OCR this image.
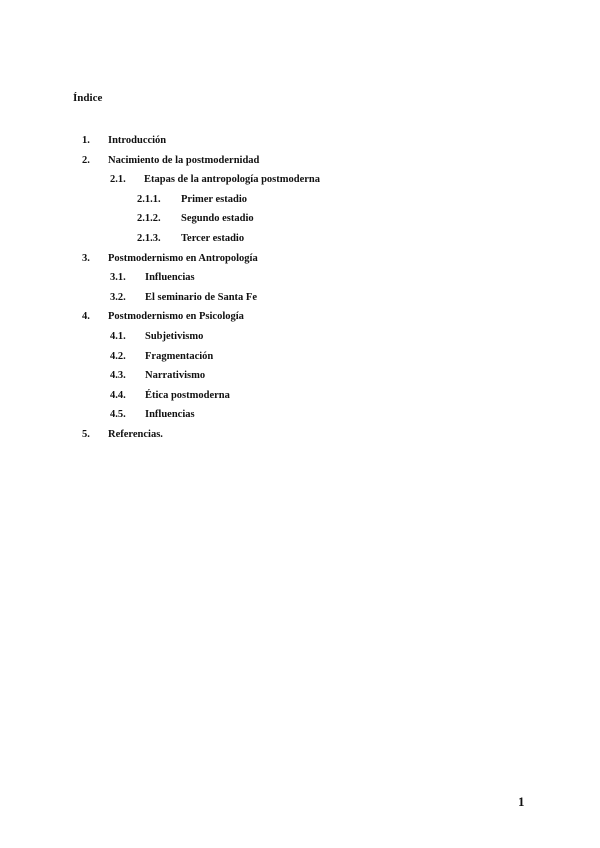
Índice
1. Introducción
2. Nacimiento de la postmodernidad
2.1. Etapas de la antropología postmoderna
2.1.1. Primer estadio
2.1.2. Segundo estadio
2.1.3. Tercer estadio
3. Postmodernismo en Antropología
3.1. Influencias
3.2. El seminario de Santa Fe
4. Postmodernismo en Psicología
4.1. Subjetivismo
4.2. Fragmentación
4.3. Narrativismo
4.4. Ética postmoderna
4.5. Influencias
5. Referencias.
1
